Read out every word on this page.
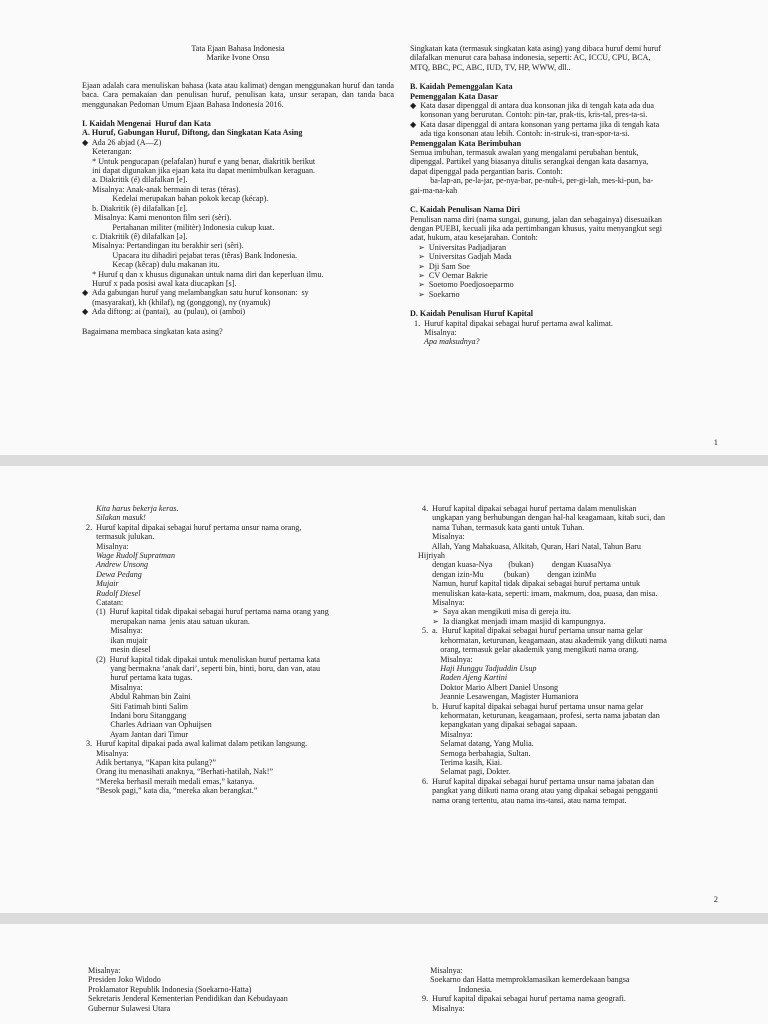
Tata Ejaan Bahasa Indonesia
Marike Ivone Onsu

Ejaan adalah cara menuliskan bahasa (kata atau kalimat) dengan menggunakan huruf dan tanda baca. Cara pemakaian dan penulisan huruf, penulisan kata, unsur serapan, dan tanda baca menggunakan Pedoman Umum Ejaan Bahasa Indonesia 2016.

I. Kaidah Mengenai  Huruf dan Kata
A. Huruf, Gabungan Huruf, Diftong, dan Singkatan Kata Asing
◆  Ada 26 abjad (A—Z)
Keterangan:
* Untuk pengucapan (pelafalan) huruf e yang benar, diakritik berikut
ini dapat digunakan jika ejaan kata itu dapat menimbulkan keraguan.
a. Diakritik (é) dilafalkan [e].
Misalnya: Anak-anak bermain di teras (téras).
Kedelai merupakan bahan pokok kecap (kécap).
b. Diakritik (è) dilafalkan [ɛ].
Misalnya: Kami menonton film seri (sèri).
Pertahanan militer (militèr) Indonesia cukup kuat.
c. Diakritik (ê) dilafalkan [ə].
Misalnya: Pertandingan itu berakhir seri (sêri).
Upacara itu dihadiri pejabat teras (têras) Bank Indonesia.
Kecap (kêcap) dulu makanan itu.
* Huruf q dan x khusus digunakan untuk nama diri dan keperluan ilmu.
Huruf x pada posisi awal kata diucapkan [s].
◆  Ada gabungan huruf yang melambangkan satu huruf konsonan:  sy
(masyarakat), kh (khilaf), ng (gonggong), ny (nyamuk)
◆  Ada diftong: ai (pantai),  au (pulau), oi (amboi)
Bagaimana membaca singkatan kata asing?
Singkatan kata (termasuk singkatan kata asing) yang dibaca huruf demi huruf
dilafalkan menurut cara bahasa indonesia, seperti: AC, ICCU, CPU, BCA,
MTQ, BBC, PC, ABC, IUD, TV, HP, WWW, dll..
B. Kaidah Pemenggalan Kata
Pemenggalan Kata Dasar
◆  Kata dasar dipenggal di antara dua konsonan jika di tengah kata ada dua
konsonan yang berurutan. Contoh: pin-tar, prak-tis, kris-tal, pres-ta-si.
◆  Kata dasar dipenggal di antara konsonan yang pertama jika di tengah kata
ada tiga konsonan atau lebih. Contoh: in-struk-si, tran-spor-ta-si.
Pemenggalan Kata Berimbuhan
Semua imbuhan, termasuk awalan yang mengalami perubahan bentuk,
dipenggal. Partikel yang biasanya ditulis serangkai dengan kata dasarnya,
dapat dipenggal pada pergantian baris. Contoh:
ba-lap-an, pe-la-jar, pe-nya-bar, pe-nuh-i, per-gi-lah, mes-ki-pun, ba-
gai-ma-na-kah
C. Kaidah Penulisan Nama Diri
Penulisan nama diri (nama sungai, gunung, jalan dan sebagainya) disesuaikan
dengan PUEBI, kecuali jika ada pertimbangan khusus, yaitu menyangkut segi
adat, hukum, atau kesejarahan. Contoh:
➢  Universitas Padjadjaran
➢  Universitas Gadjah Mada
➢  Dji Sam Soe
➢  CV Oemar Bakrie
➢  Soetomo Poedjosoeparmo
➢  Soekarno
D. Kaidah Penulisan Huruf Kapital
1.  Huruf kapital dipakai sebagai huruf pertama awal kalimat.
Misalnya:
Apa maksudnya?
1
Kita harus bekerja keras.
Silakan masuk!
2.  Huruf kapital dipakai sebagai huruf pertama unsur nama orang,
termasuk julukan.
Misalnya:
Wage Rudolf Supratman
Andrew Unsong
Dewa Pedang
Mujair
Rudolf Diesel
Catatan:
(1)  Huruf kapital tidak dipakai sebagai huruf pertama nama orang yang
merupakan nama  jenis atau satuan ukuran.
Misalnya:
ikan mujair
mesin diesel
(2)  Huruf kapital tidak dipakai untuk menuliskan huruf pertama kata
yang bermakna ‘anak dari’, seperti bin, binti, boru, dan van, atau
huruf pertama kata tugas.
Misalnya:
Abdul Rahman bin Zaini
Siti Fatimah binti Salim
Indani boru Sitanggang
Charles Adriaan van Ophuijsen
Ayam Jantan dari Timur
3.  Huruf kapital dipakai pada awal kalimat dalam petikan langsung.
Misalnya:
Adik bertanya, “Kapan kita pulang?”
Orang itu menasihati anaknya, “Berhati-hatilah, Nak!”
“Mereka berhasil meraih medali emas,” katanya.
“Besok pagi,” kata dia, “mereka akan berangkat.”
4.  Huruf kapital dipakai sebagai huruf pertama dalam menuliskan
ungkapan yang berhubungan dengan hal-hal keagamaan, kitab suci, dan
nama Tuhan, termasuk kata ganti untuk Tuhan.
Misalnya:
Allah, Yang Mahakuasa, Alkitab, Quran, Hari Natal, Tahun Baru
Hijriyah
dengan kuasa-Nya        (bukan)         dengan KuasaNya
dengan izin-Mu          (bukan)         dengan izinMu
Namun, huruf kapital tidak dipakai sebagai huruf pertama untuk
menuliskan kata-kata, seperti: imam, makmum, doa, puasa, dan misa.
Misalnya:
➢  Saya akan mengikuti misa di gereja itu.
➢  Ia diangkat menjadi imam masjid di kampungnya.
5.  a.  Huruf kapital dipakai sebagai huruf pertama unsur nama gelar
kehormatan, keturunan, keagamaan, atau akademik yang diikuti nama
orang, termasuk gelar akademik yang mengikuti nama orang.
Misalnya:
Haji Hunggu Tadjuddin Usup
Raden Ajeng Kartini
Doktor Mario Albert Daniel Unsong
Jeannie Lesawengan, Magister Humaniora
b.  Huruf kapital dipakai sebagai huruf pertama unsur nama gelar
kehormatan, keturunan, keagamaan, profesi, serta nama jabatan dan
kepangkatan yang dipakai sebagai sapaan.
Misalnya:
Selamat datang, Yang Mulia.
Semoga berbahagia, Sultan.
Terima kasih, Kiai.
Selamat pagi, Dokter.
6.  Huruf kapital dipakai sebagai huruf pertama unsur nama jabatan dan
pangkat yang diikuti nama orang atau yang dipakai sebagai pengganti
nama orang tertentu, atau nama ins-tansi, atau nama tempat.
2
Misalnya:
Presiden Joko Widodo
Proklamator Republik Indonesia (Soekarno-Hatta)
Sekretaris Jenderal Kementerian Pendidikan dan Kebudayaan
Gubernur Sulawesi Utara
Misalnya:
Soekarno dan Hatta memproklamasikan kemerdekaan bangsa
Indonesia.
9.  Huruf kapital dipakai sebagai huruf pertama nama geografi.
Misalnya:
